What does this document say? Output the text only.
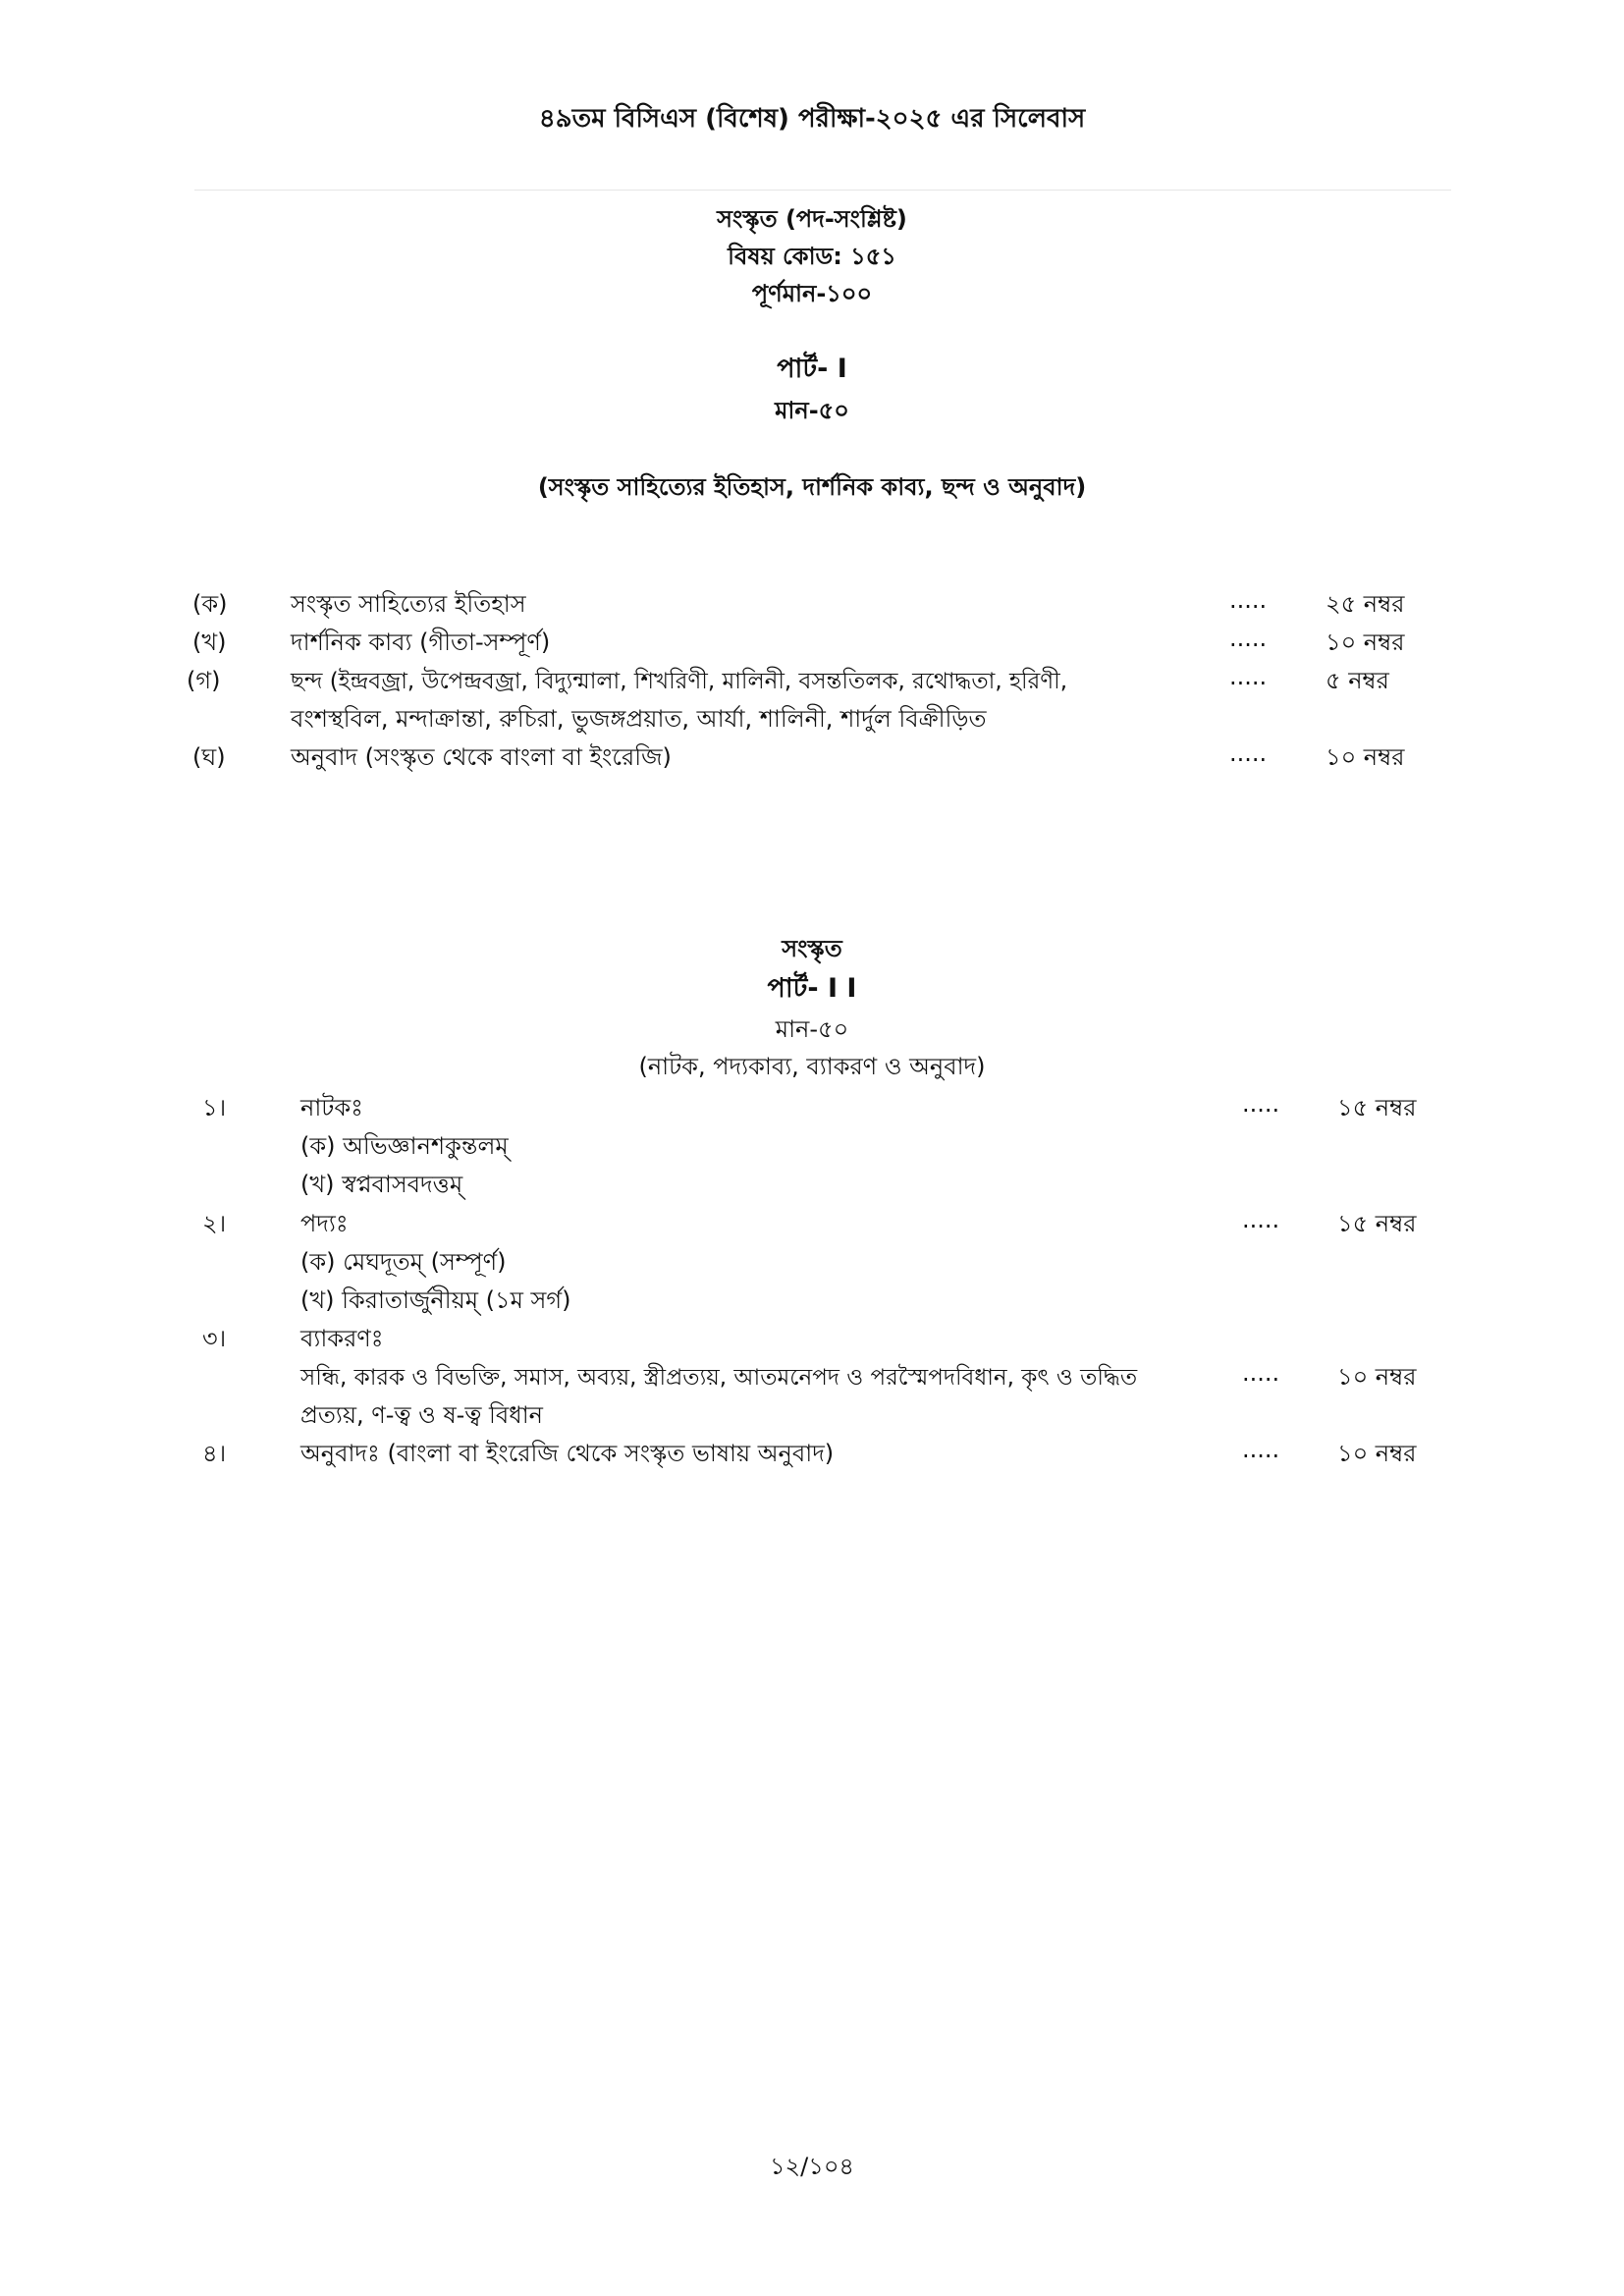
৪৯তম বিসিএস (বিশেষ) পরীক্ষা-২০২৫ এর সিলেবাস
সংস্কৃত (পদ-সংশ্লিষ্ট)
বিষয় কোড: ১৫১
পূর্ণমান-১০০
পার্ট- I
মান-৫০
(সংস্কৃত সাহিত্যের ইতিহাস, দার্শনিক কাব্য, ছন্দ ও অনুবাদ)
(ক)	সংস্কৃত সাহিত্যের ইতিহাস	..... ২৫ নম্বর
(খ)	দার্শনিক কাব্য (গীতা-সম্পূর্ণ)	..... ১০ নম্বর
(গ)	ছন্দ (ইন্দ্রবজ্রা, উপেন্দ্রবজ্রা, বিদ্যুন্মালা, শিখরিণী, মালিনী, বসন্ততিলক, রথোদ্ধতা, হরিণী,	..... ৫ নম্বর
বংশস্থবিল, মন্দাক্রান্তা, রুচিরা, ভুজঙ্গপ্রয়াত, আর্যা, শালিনী, শার্দুল বিক্রীড়িত
(ঘ)	অনুবাদ (সংস্কৃত থেকে বাংলা বা ইংরেজি)	..... ১০ নম্বর
সংস্কৃত
পার্ট- I I
মান-৫০
(নাটক, পদ্যকাব্য, ব্যাকরণ ও অনুবাদ)
১।	নাটকঃ	..... ১৫ নম্বর
(ক) অভিজ্ঞানশকুন্তলম্
(খ) স্বপ্নবাসবদত্তম্
২।	পদ্যঃ	..... ১৫ নম্বর
(ক) মেঘদূতম্ (সম্পূর্ণ)
(খ) কিরাতার্জুনীয়ম্ (১ম সর্গ)
৩।	ব্যাকরণঃ
সন্ধি, কারক ও বিভক্তি, সমাস, অব্যয়, স্ত্রীপ্রত্যয়, আতমনেপদ ও পরস্মৈপদবিধান, কৃৎ ও তদ্ধিত	..... ১০ নম্বর
প্রত্যয়, ণ-ত্ব ও ষ-ত্ব বিধান
৪।	অনুবাদঃ (বাংলা বা ইংরেজি থেকে সংস্কৃত ভাষায় অনুবাদ)	..... ১০ নম্বর
১২/১০৪
